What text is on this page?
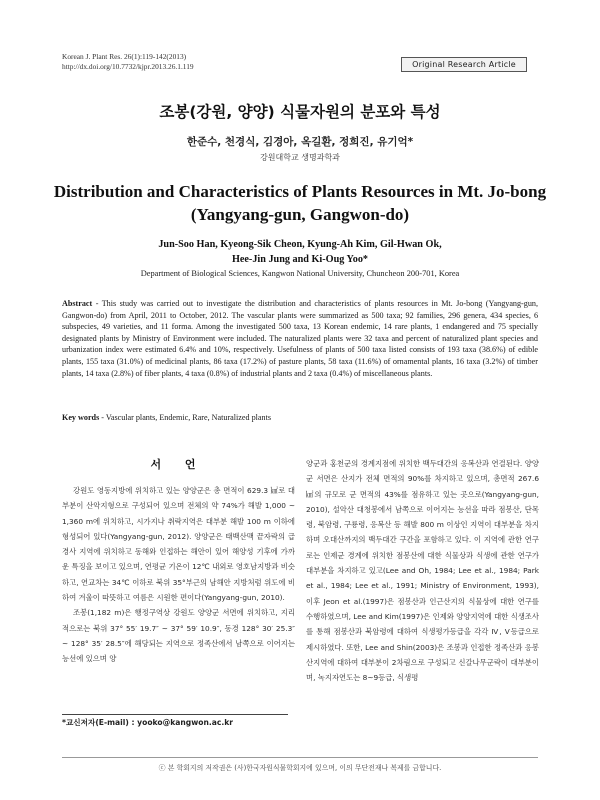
Korean J. Plant Res. 26(1):119-142(2013)
http://dx.doi.org/10.7732/kjpr.2013.26.1.119	Original Research Article
조봉(강원, 양양) 식물자원의 분포와 특성
한준수, 천경식, 김경아, 옥길환, 정희진, 유기억*
강원대학교 생명과학과
Distribution and Characteristics of Plants Resources in Mt. Jo-bong
(Yangyang-gun, Gangwon-do)
Jun-Soo Han, Kyeong-Sik Cheon, Kyung-Ah Kim, Gil-Hwan Ok,
Hee-Jin Jung and Ki-Oug Yoo*
Department of Biological Sciences, Kangwon National University, Chuncheon 200-701, Korea
Abstract - This study was carried out to investigate the distribution and characteristics of plants resources in Mt. Jo-bong (Yangyang-gun, Gangwon-do) from April, 2011 to October, 2012. The vascular plants were summarized as 500 taxa; 92 families, 296 genera, 434 species, 6 subspecies, 49 varieties, and 11 forma. Among the investigated 500 taxa, 13 Korean endemic, 14 rare plants, 1 endangered and 75 specially designated plants by Ministry of Environment were included. The naturalized plants were 32 taxa and percent of naturalized plant species and urbanization index were estimated 6.4% and 10%, respectively. Usefulness of plants of 500 taxa listed consists of 193 taxa (38.6%) of edible plants, 155 taxa (31.0%) of medicinal plants, 86 taxa (17.2%) of pasture plants, 58 taxa (11.6%) of ornamental plants, 16 taxa (3.2%) of timber plants, 14 taxa (2.8%) of fiber plants, 4 taxa (0.8%) of industrial plants and 2 taxa (0.4%) of miscellaneous plants.
Key words - Vascular plants, Endemic, Rare, Naturalized plants
서 언

강원도 영동지방에 위치하고 있는 양양군은 총 면적이 629.3 ㎢로 대부분이 산악지형으로 구성되어 있으며 전체의 약 74%가 해발 1,000 ~ 1,360 m에 위치하고, 시가지나 취락지역은 대부분 해발 100 m 이하에 형성되어 있다(Yangyang-gun, 2012). 양양군은 태백산맥 끝자락의 급경사 지역에 위치하고 동해와 인접하는 해안이 있어 해양성 기후에 가까운 특징을 보이고 있으며, 연평균 기온이 12℃ 내외로 영호남지방과 비슷하고, 연교차는 34℃ 이하로 북위 35°부근의 남해안 지방처럼 위도에 비하여 겨울이 따뜻하고 여름은 시원한 편이다(Yangyang-gun, 2010).

조봉(1,182 m)은 행정구역상 강원도 양양군 서면에 위치하고, 지리적으로는 북위 37° 55′ 19.7″ ~ 37° 59′ 10.9″, 동경 128° 30′ 25.3″ ~ 128° 35′ 28.5″에 해당되는 지역으로 정족산에서 남쪽으로 이어지는 능선에 있으며 양

양군과 홍천군의 경계지점에 위치한 백두대간의 응복산과 연결된다. 양양군 서면은 산지가 전체 면적의 90%를 차지하고 있으며, 총면적 267.6 ㎢의 규모로 군 면적의 43%를 점유하고 있는 곳으로(Yangyang-gun, 2010), 설악산 대청봉에서 남쪽으로 이어지는 능선을 따라 점봉산, 단목령, 북암령, 구룡령, 응복산 등 해발 800 m 이상인 지역이 대부분을 차지하며 오대산까지의 백두대간 구간을 포함하고 있다. 이 지역에 관한 연구로는 인제군 경계에 위치한 점봉산에 대한 식물상과 식생에 관한 연구가 대부분을 차지하고 있고(Lee and Oh, 1984; Lee et al., 1984; Park et al., 1984; Lee et al., 1991; Ministry of Environment, 1993), 이후 Jeon et al.(1997)은 점봉산과 인근산지의 식물상에 대한 연구를 수행하였으며, Lee and Kim(1997)은 인제와 양양지역에 대한 식생조사를 통해 점봉산과 북암령에 대하여 식생평가등급을 각각 Ⅳ, Ⅴ등급으로 제시하였다. 또한, Lee and Shin(2003)은 조봉과 인접한 정족산과 응봉산지역에 대하여 대부분이 2차림으로 구성되고 신갈나무군락이 대부분이며, 녹지자연도는 8~9등급, 식생평

*교신저자(E-mail) : yooko@kangwon.ac.kr
ⓒ 본 학회지의 저작권은 (사)한국자원식물학회지에 있으며, 이의 무단전재나 복제를 금합니다.
